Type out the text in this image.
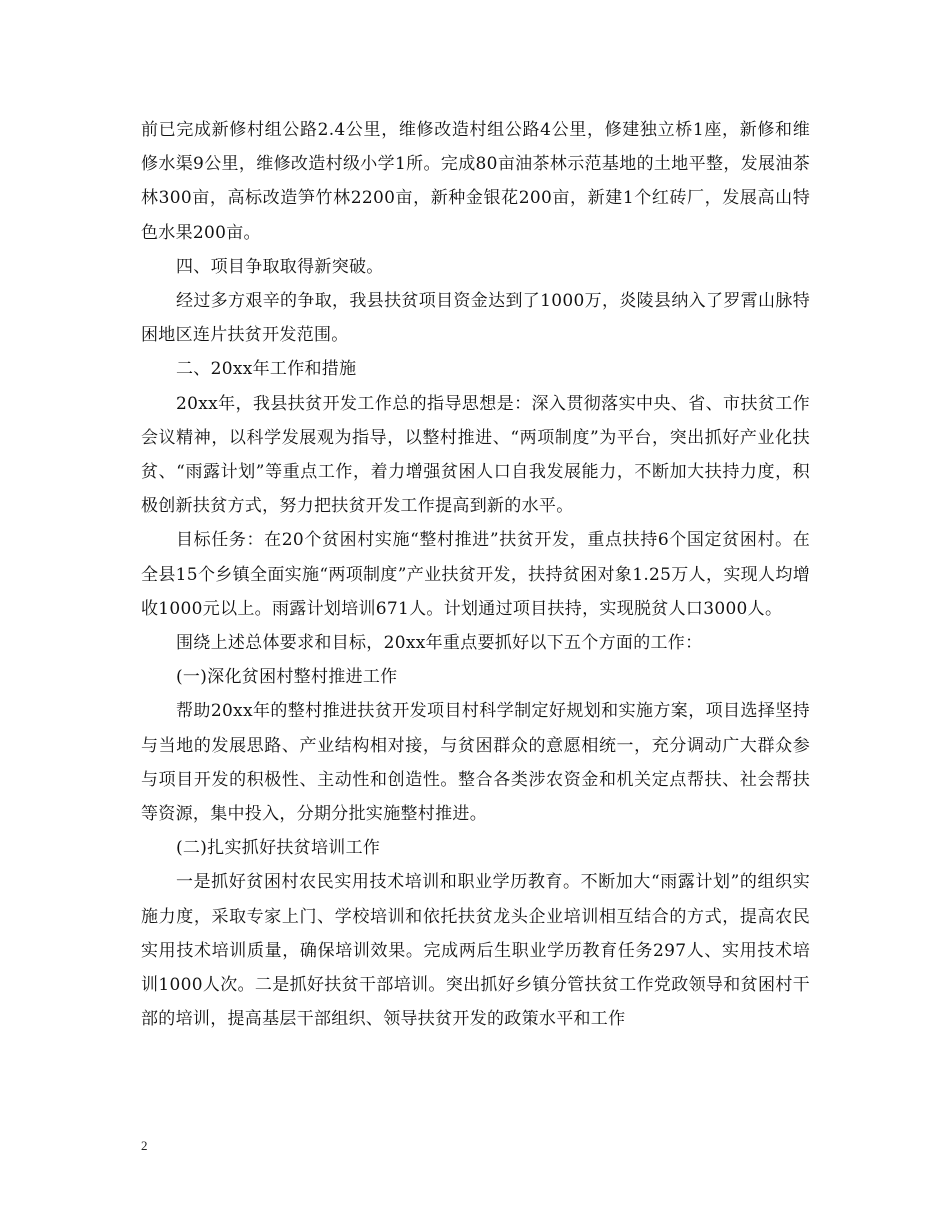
前已完成新修村组公路2.4公里，维修改造村组公路4公里，修建独立桥1座，新修和维修水渠9公里，维修改造村级小学1所。完成80亩油茶林示范基地的土地平整，发展油茶林300亩，高标改造笋竹林2200亩，新种金银花200亩，新建1个红砖厂，发展高山特色水果200亩。

四、项目争取取得新突破。

经过多方艰辛的争取，我县扶贫项目资金达到了1000万，炎陵县纳入了罗霄山脉特困地区连片扶贫开发范围。

二、20xx年工作和措施

20xx年，我县扶贫开发工作总的指导思想是：深入贯彻落实中央、省、市扶贫工作会议精神，以科学发展观为指导，以整村推进、“两项制度”为平台，突出抓好产业化扶贫、“雨露计划”等重点工作，着力增强贫困人口自我发展能力，不断加大扶持力度，积极创新扶贫方式，努力把扶贫开发工作提高到新的水平。

目标任务：在20个贫困村实施“整村推进”扶贫开发，重点扶持6个国定贫困村。在全县15个乡镇全面实施“两项制度”产业扶贫开发，扶持贫困对象1.25万人，实现人均增收1000元以上。雨露计划培训671人。计划通过项目扶持，实现脱贫人口3000人。

围绕上述总体要求和目标，20xx年重点要抓好以下五个方面的工作：

(一)深化贫困村整村推进工作

帮助20xx年的整村推进扶贫开发项目村科学制定好规划和实施方案，项目选择坚持与当地的发展思路、产业结构相对接，与贫困群众的意愿相统一，充分调动广大群众参与项目开发的积极性、主动性和创造性。整合各类涉农资金和机关定点帮扶、社会帮扶等资源，集中投入，分期分批实施整村推进。

(二)扎实抓好扶贫培训工作

一是抓好贫困村农民实用技术培训和职业学历教育。不断加大“雨露计划”的组织实施力度，采取专家上门、学校培训和依托扶贫龙头企业培训相互结合的方式，提高农民实用技术培训质量，确保培训效果。完成两后生职业学历教育任务297人、实用技术培训1000人次。二是抓好扶贫干部培训。突出抓好乡镇分管扶贫工作党政领导和贫困村干部的培训，提高基层干部组织、领导扶贫开发的政策水平和工作

2
